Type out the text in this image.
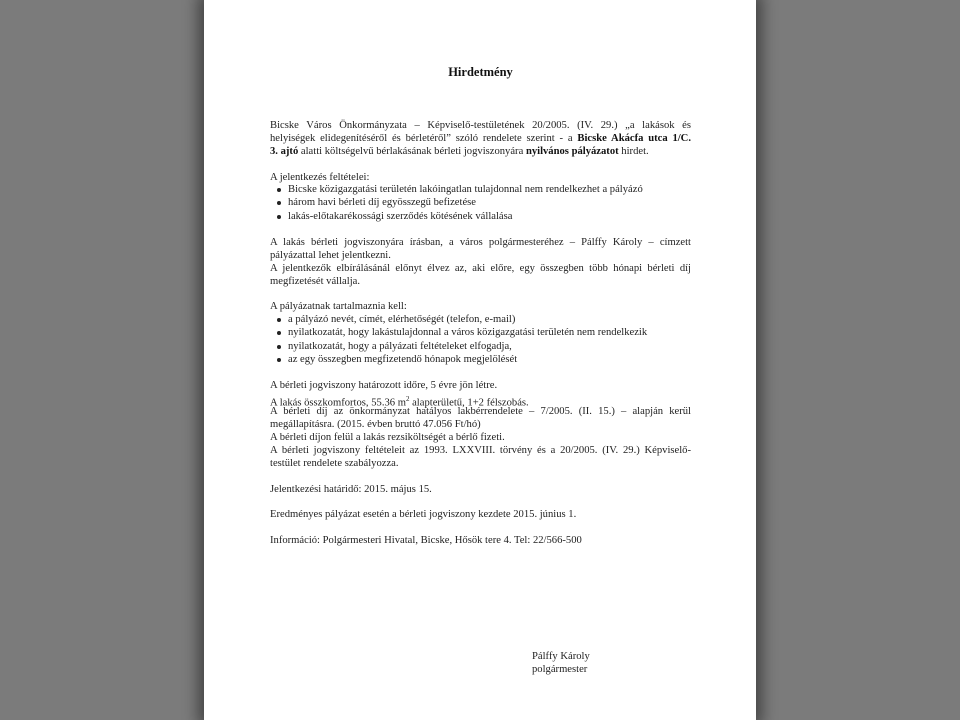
Hirdetmény
Bicske Város Önkormányzata – Képviselő-testületének 20/2005. (IV. 29.) „a lakások és
helyiségek elidegenítéséről és bérletéről” szóló rendelete szerint - a Bicske Akácfa utca 1/C.
3. ajtó alatti költségelvű bérlakásának bérleti jogviszonyára nyilvános pályázatot hirdet.
A jelentkezés feltételei:
Bicske közigazgatási területén lakóingatlan tulajdonnal nem rendelkezhet a pályázó
három havi bérleti díj egyösszegű befizetése
lakás-előtakarékossági szerződés kötésének vállalása
A lakás bérleti jogviszonyára írásban, a város polgármesteréhez – Pálffy Károly – címzett
pályázattal lehet jelentkezni.
A jelentkezők elbírálásánál előnyt élvez az, aki előre, egy összegben több hónapi bérleti díj
megfizetését vállalja.
A pályázatnak tartalmaznia kell:
a pályázó nevét, címét, elérhetőségét (telefon, e-mail)
nyilatkozatát, hogy lakástulajdonnal a város közigazgatási területén nem rendelkezik
nyilatkozatát, hogy a pályázati feltételeket elfogadja,
az egy összegben megfizetendő hónapok megjelölését
A bérleti jogviszony határozott időre, 5 évre jön létre.
A lakás összkomfortos, 55.36 $m^2$ alapterületű, 1+2 félszobás.
A bérleti díj az önkormányzat hatályos lakbérrendelete – 7/2005. (II. 15.) – alapján kerül
megállapításra. (2015. évben bruttó 47.056 Ft/hó)
A bérleti díjon felül a lakás rezsiköltségét a bérlő fizeti.
A bérleti jogviszony feltételeit az 1993. LXXVIII. törvény és a 20/2005. (IV. 29.) Képviselő-
testület rendelete szabályozza.
Jelentkezési határidő: 2015. május 15.
Eredményes pályázat esetén a bérleti jogviszony kezdete 2015. június 1.
Információ: Polgármesteri Hivatal, Bicske, Hősök tere 4. Tel: 22/566-500
Pálffy Károly
polgármester
